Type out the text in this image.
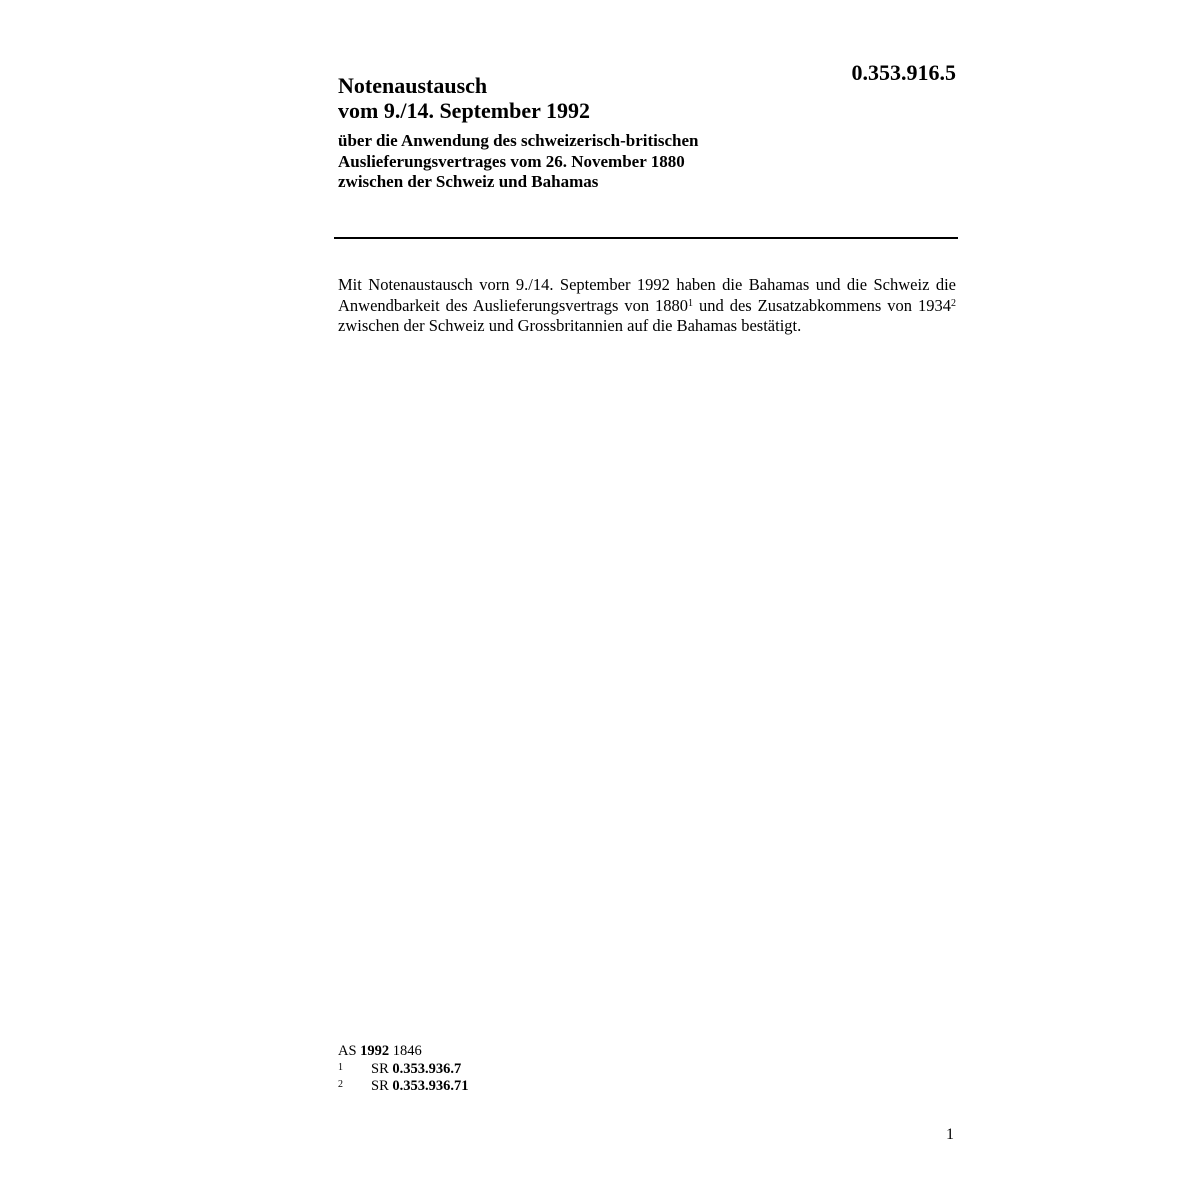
0.353.916.5

Notenaustausch

vom 9./14. September 1992

über die Anwendung des schweizerisch-britischen

Auslieferungsvertrages vom 26. November 1880

zwischen der Schweiz und Bahamas

Mit Notenaustausch vorn 9./14. September 1992 haben die Bahamas und die Schweiz die Anwendbarkeit des Auslieferungsvertrags von 1880$^1$ und des Zusatzabkommens von 1934$^2$ zwischen der Schweiz und Grossbritannien auf die Bahamas bestätigt.

AS 1992 1846
1 SR 0.353.936.7
2 SR 0.353.936.71
1
